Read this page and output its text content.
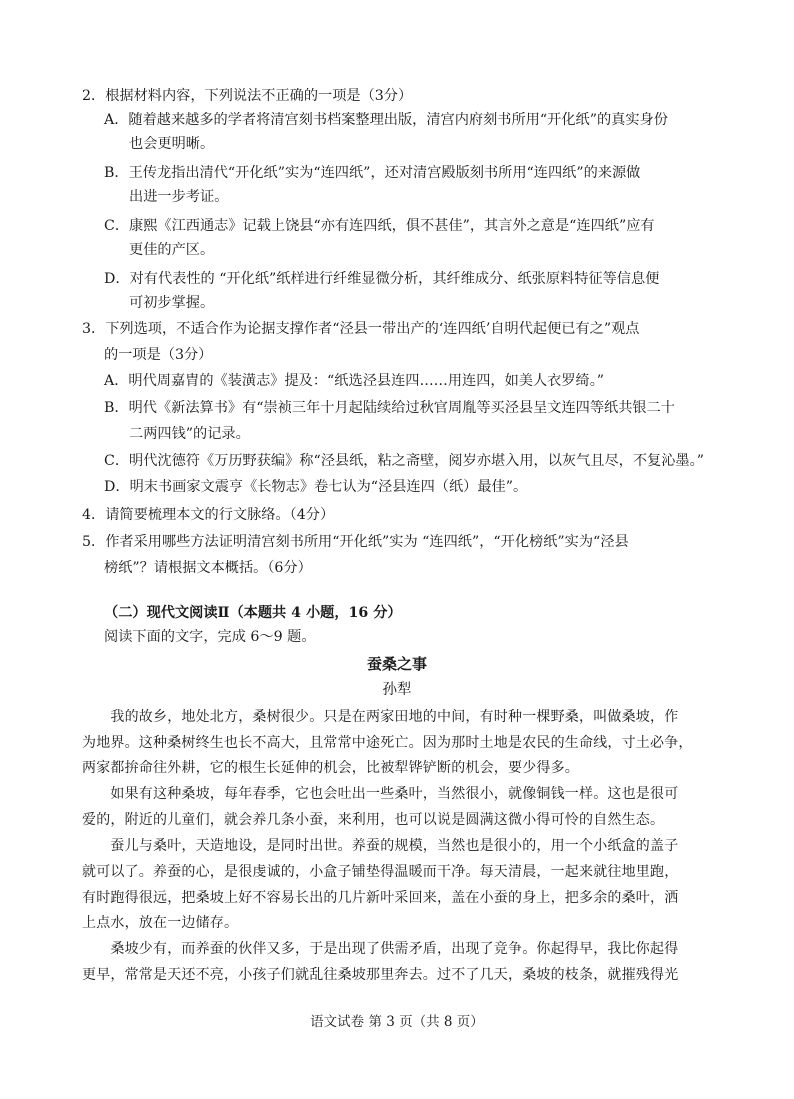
2．根据材料内容，下列说法不正确的一项是（3分）
A．随着越来越多的学者将清宫刻书档案整理出版，清宫内府刻书所用“开化纸”的真实身份
也会更明晰。
B．王传龙指出清代“开化纸”实为“连四纸”，还对清宫殿版刻书所用“连四纸”的来源做
出进一步考证。
C．康熙《江西通志》记载上饶县“亦有连四纸，俱不甚佳”，其言外之意是“连四纸”应有
更佳的产区。
D．对有代表性的 “开化纸”纸样进行纤维显微分析，其纤维成分、纸张原料特征等信息便
可初步掌握。
3．下列选项，不适合作为论据支撑作者“泾县一带出产的‘连四纸’自明代起便已有之”观点
的一项是（3分）
A．明代周嘉胄的《装潢志》提及：“纸选泾县连四……用连四，如美人衣罗绮。”
B．明代《新法算书》有“崇祯三年十月起陆续给过秋官周胤等买泾县呈文连四等纸共银二十
二两四钱”的记录。
C．明代沈德符《万历野获编》称“泾县纸，粘之斋壁，阅岁亦堪入用，以灰气且尽，不复沁墨。”
D．明末书画家文震亨《长物志》卷七认为“泾县连四（纸）最佳”。
4．请简要梳理本文的行文脉络。（4分）
5．作者采用哪些方法证明清宫刻书所用“开化纸”实为 “连四纸”，“开化榜纸”实为“泾县
榜纸”？请根据文本概括。（6分）
（二）现代文阅读Ⅱ（本题共 4 小题，16 分）
阅读下面的文字，完成 6～9 题。
蚕桑之事
孙犁
　　我的故乡，地处北方，桑树很少。只是在两家田地的中间，有时种一棵野桑，叫做桑坡，作
为地界。这种桑树终生也长不高大，且常常中途死亡。因为那时土地是农民的生命线，寸土必争，
两家都拚命往外耕，它的根生长延伸的机会，比被犁铧铲断的机会，要少得多。
　　如果有这种桑坡，每年春季，它也会吐出一些桑叶，当然很小，就像铜钱一样。这也是很可
爱的，附近的儿童们，就会养几条小蚕，来利用，也可以说是圆满这微小得可怜的自然生态。
　　蚕儿与桑叶，天造地设，是同时出世。养蚕的规模，当然也是很小的，用一个小纸盒的盖子
就可以了。养蚕的心，是很虔诚的，小盒子铺垫得温暖而干净。每天清晨，一起来就往地里跑，
有时跑得很远，把桑坡上好不容易长出的几片新叶采回来，盖在小蚕的身上，把多余的桑叶，洒
上点水，放在一边储存。
　　桑坡少有，而养蚕的伙伴又多，于是出现了供需矛盾，出现了竞争。你起得早，我比你起得
更早，常常是天还不亮，小孩子们就乱往桑坡那里奔去。过不了几天，桑坡的枝条，就摧残得光
语文试卷 第 3 页（共 8 页）
